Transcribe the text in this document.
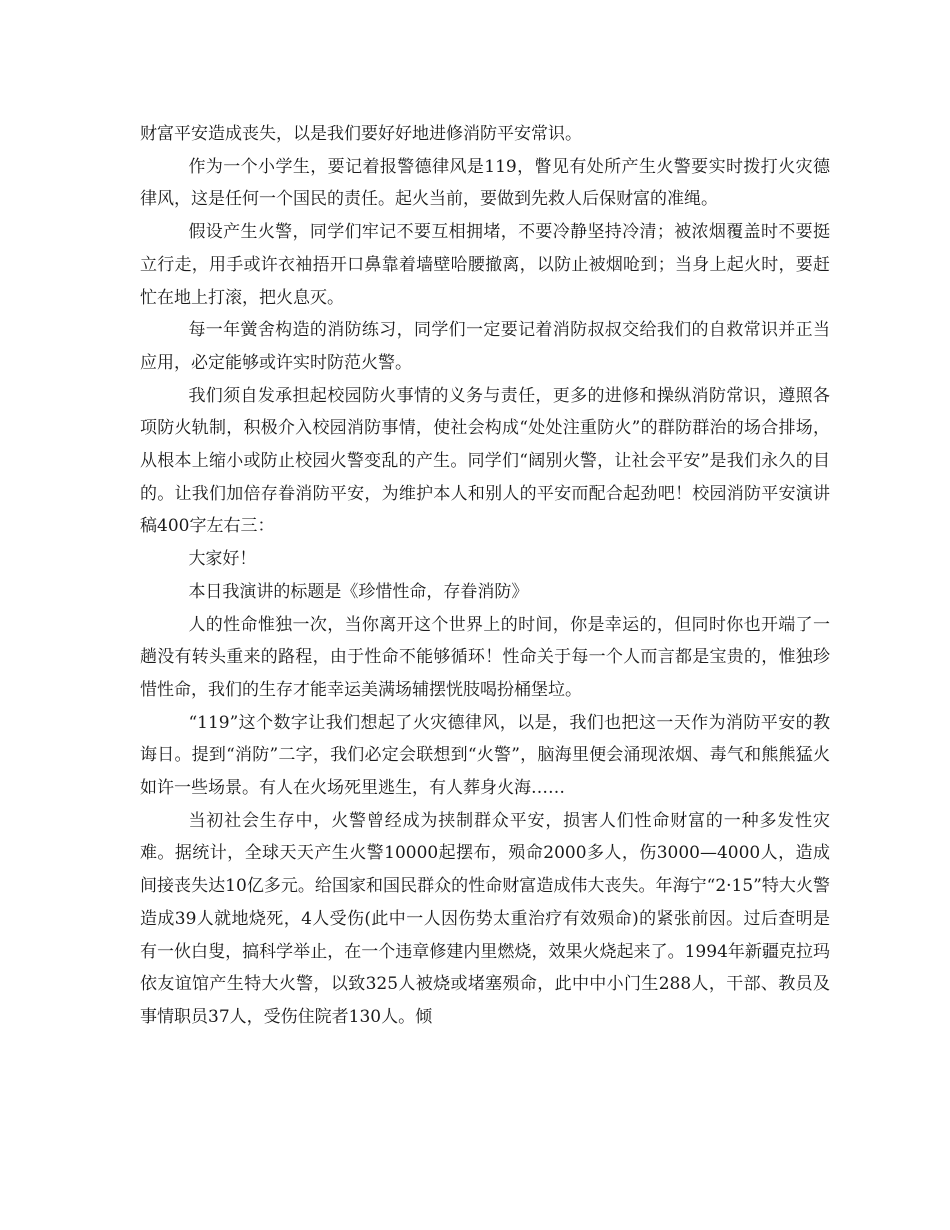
财富平安造成丧失，以是我们要好好地进修消防平安常识。

作为一个小学生，要记着报警德律风是119，瞥见有处所产生火警要实时拨打火灾德律风，这是任何一个国民的责任。起火当前，要做到先救人后保财富的准绳。

假设产生火警，同学们牢记不要互相拥堵，不要冷静坚持冷清；被浓烟覆盖时不要挺立行走，用手或许衣袖捂开口鼻靠着墙壁哈腰撤离，以防止被烟呛到；当身上起火时，要赶忙在地上打滚，把火息灭。

每一年黉舍构造的消防练习，同学们一定要记着消防叔叔交给我们的自救常识并正当应用，必定能够或许实时防范火警。

我们须自发承担起校园防火事情的义务与责任，更多的进修和操纵消防常识，遵照各项防火轨制，积极介入校园消防事情，使社会构成“处处注重防火”的群防群治的场合排场，从根本上缩小或防止校园火警变乱的产生。同学们“阔别火警，让社会平安”是我们永久的目的。让我们加倍存眷消防平安，为维护本人和别人的平安而配合起劲吧！校园消防平安演讲稿400字左右三：

大家好！

本日我演讲的标题是《珍惜性命，存眷消防》

人的性命惟独一次，当你离开这个世界上的时间，你是幸运的，但同时你也开端了一趟没有转头重来的路程，由于性命不能够循环！性命关于每一个人而言都是宝贵的，惟独珍惜性命，我们的生存才能幸运美满场辅摆恍肢喝扮桶堡垃。

“119”这个数字让我们想起了火灾德律风，以是，我们也把这一天作为消防平安的教诲日。提到“消防”二字，我们必定会联想到“火警”，脑海里便会涌现浓烟、毒气和熊熊猛火如许一些场景。有人在火场死里逃生，有人葬身火海……

当初社会生存中，火警曾经成为挟制群众平安，损害人们性命财富的一种多发性灾难。据统计，全球天天产生火警10000起摆布，殒命2000多人，伤3000—4000人，造成间接丧失达10亿多元。给国家和国民群众的性命财富造成伟大丧失。年海宁“2·15”特大火警造成39人就地烧死，4人受伤(此中一人因伤势太重治疗有效殒命)的紧张前因。过后查明是有一伙白叟，搞科学举止，在一个违章修建内里燃烧，效果火烧起来了。1994年新疆克拉玛依友谊馆产生特大火警，以致325人被烧或堵塞殒命，此中中小门生288人，干部、教员及事情职员37人，受伤住院者130人。倾
